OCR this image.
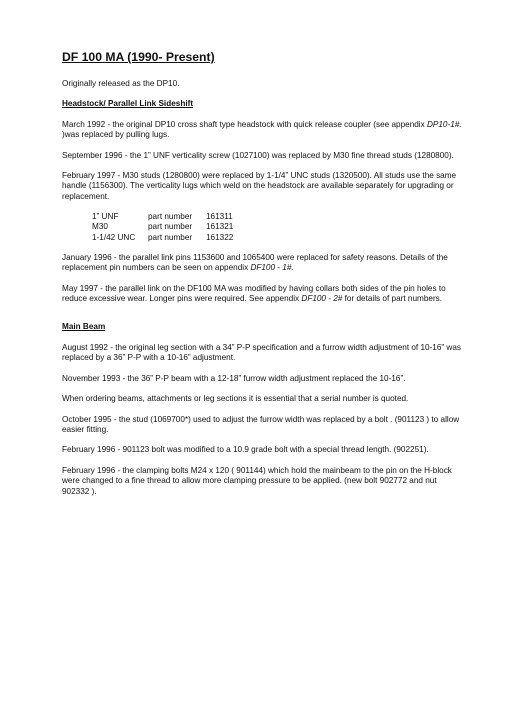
DF 100 MA (1990- Present)

Originally released as the DP10.

Headstock/ Parallel Link Sideshift

March 1992 - the original DP10 cross shaft type headstock with quick release coupler (see appendix DP10-1#. )was replaced by pulling lugs.

September 1996 - the 1” UNF verticality screw (1027100) was replaced by M30 fine thread studs (1280800).

February 1997 - M30 studs (1280800) were replaced by 1-1/4” UNC studs (1320500). All studs use the same handle (1156300). The verticality lugs which weld on the headstock are available separately for upgrading or replacement.

1” UNF	part number	161311
M30	part number	161321
1-1/42 UNC	part number	161322

January 1996 - the parallel link pins 1153600 and 1065400 were replaced for safety reasons. Details of the replacement pin numbers can be seen on appendix DF100 - 1#.

May 1997 - the parallel link on the DF100 MA was modified by having collars both sides of the pin holes to reduce excessive wear. Longer pins were required. See appendix DF100 - 2# for details of part numbers.

Main Beam

August 1992 - the original leg section with a 34” P-P specification and a furrow width adjustment of 10-16” was replaced by a 36” P-P with a 10-16” adjustment.

November 1993 - the 36” P-P beam with a 12-18” furrow width adjustment replaced the 10-16”.

When ordering beams, attachments or leg sections it is essential that a serial number is quoted.

October 1995 - the stud (1069700*) used to adjust the furrow width was replaced by a bolt . (901123 ) to allow easier fitting.

February 1996 - 901123 bolt was modified to a 10.9 grade bolt with a special thread length. (902251).

February 1996 - the clamping bolts M24 x 120 ( 901144) which hold the mainbeam to the pin on the H-block were changed to a fine thread to allow more clamping pressure to be applied. (new bolt 902772 and nut 902332 ).
